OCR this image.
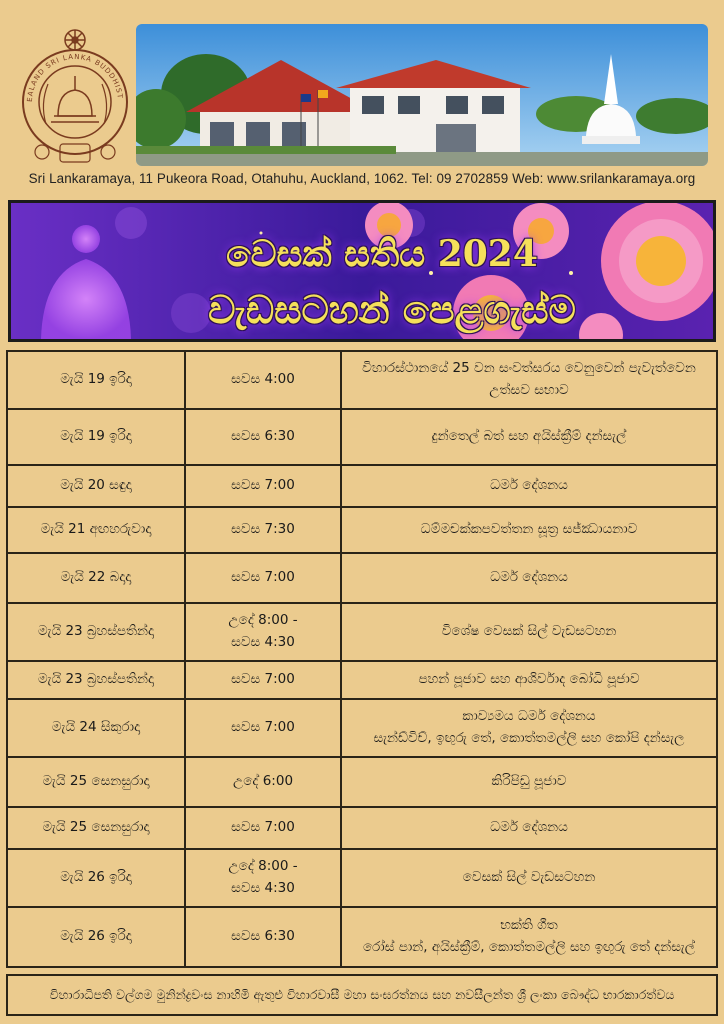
EALAND SRI LANKA BUDDHIST
Sri Lankaramaya, 11 Pukeora Road, Otahuhu, Auckland, 1062. Tel: 09 2702859 Web: www.srilankaramaya.org
වෙසක් සතිය 2024
වැඩසටහන් පෙළගැස්ම
මැයි 19 ඉරිදා	සවස 4:00	විහාරස්ථානයේ 25 වන සංවත්සරය වෙනුවෙන් පැවැත්වෙන
උත්සව සභාව

මැයි 19 ඉරිදා	සවස 6:30	දුන්තෙල් බත් සහ අයිස්ක්‍රීම් දන්සැල්

මැයි 20 සඳුදා	සවස 7:00	ධර්ම දේශනය

මැයි 21 අඟහරුවාදා	සවස 7:30	ධම්මචක්කපවත්තන සූත්‍ර සජ්ඣායනාව

මැයි 22 බදාදා	සවස 7:00	ධර්ම දේශනය

මැයි 23 බ්‍රහස්පතින්දා	උදේ 8:00 -
සවස 4:30	විශේෂ වෙසක් සිල් වැඩසටහන

මැයි 23 බ්‍රහස්පතින්දා	සවස 7:00	පහන් පූජාව සහ ආශිර්වාද බෝධි පූජාව

මැයි 24 සිකුරාදා	සවස 7:00	කාව්‍යමය ධර්ම දේශනය
සැන්ඩ්විච්, ඉඟුරු තේ, කොත්තමල්ලි සහ කෝපි දන්සැල

මැයි 25 සෙනසුරාදා	උදේ 6:00	කිරිපිඩු පූජාව

මැයි 25 සෙනසුරාදා	සවස 7:00	ධර්ම දේශනය

මැයි 26 ඉරිදා	උදේ 8:00 -
සවස 4:30	වෙසක් සිල් වැඩසටහන

මැයි 26 ඉරිදා	සවස 6:30	භක්ති ගීත
රෝස් පාන්, අයිස්ක්‍රීම්, කොත්තමල්ලි සහ ඉඟුරු තේ දන්සැල්
විහාරාධිපති වල්ගම මුනින්ද්‍රවංස නාහිමි ඇතුළු විහාරවාසී මහා සංඝරත්නය සහ නවසීලන්ත ශ්‍රී ලංකා බෞද්ධ භාරකාරත්වය
